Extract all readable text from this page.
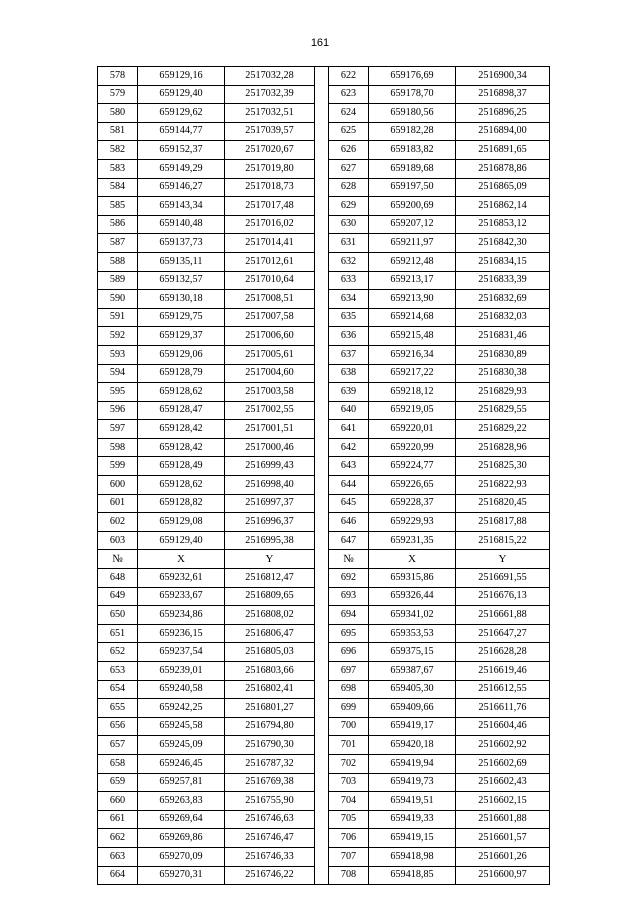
161
578	659129,16	2517032,28		622	659176,69	2516900,34
579	659129,40	2517032,39		623	659178,70	2516898,37
580	659129,62	2517032,51		624	659180,56	2516896,25
581	659144,77	2517039,57		625	659182,28	2516894,00
582	659152,37	2517020,67		626	659183,82	2516891,65
583	659149,29	2517019,80		627	659189,68	2516878,86
584	659146,27	2517018,73		628	659197,50	2516865,09
585	659143,34	2517017,48		629	659200,69	2516862,14
586	659140,48	2517016,02		630	659207,12	2516853,12
587	659137,73	2517014,41		631	659211,97	2516842,30
588	659135,11	2517012,61		632	659212,48	2516834,15
589	659132,57	2517010,64		633	659213,17	2516833,39
590	659130,18	2517008,51		634	659213,90	2516832,69
591	659129,75	2517007,58		635	659214,68	2516832,03
592	659129,37	2517006,60		636	659215,48	2516831,46
593	659129,06	2517005,61		637	659216,34	2516830,89
594	659128,79	2517004,60		638	659217,22	2516830,38
595	659128,62	2517003,58		639	659218,12	2516829,93
596	659128,47	2517002,55		640	659219,05	2516829,55
597	659128,42	2517001,51		641	659220,01	2516829,22
598	659128,42	2517000,46		642	659220,99	2516828,96
599	659128,49	2516999,43		643	659224,77	2516825,30
600	659128,62	2516998,40		644	659226,65	2516822,93
601	659128,82	2516997,37		645	659228,37	2516820,45
602	659129,08	2516996,37		646	659229,93	2516817,88
603	659129,40	2516995,38		647	659231,35	2516815,22
№	X	Y		№	X	Y
648	659232,61	2516812,47		692	659315,86	2516691,55
649	659233,67	2516809,65		693	659326,44	2516676,13
650	659234,86	2516808,02		694	659341,02	2516661,88
651	659236,15	2516806,47		695	659353,53	2516647,27
652	659237,54	2516805,03		696	659375,15	2516628,28
653	659239,01	2516803,66		697	659387,67	2516619,46
654	659240,58	2516802,41		698	659405,30	2516612,55
655	659242,25	2516801,27		699	659409,66	2516611,76
656	659245,58	2516794,80		700	659419,17	2516604,46
657	659245,09	2516790,30		701	659420,18	2516602,92
658	659246,45	2516787,32		702	659419,94	2516602,69
659	659257,81	2516769,38		703	659419,73	2516602,43
660	659263,83	2516755,90		704	659419,51	2516602,15
661	659269,64	2516746,63		705	659419,33	2516601,88
662	659269,86	2516746,47		706	659419,15	2516601,57
663	659270,09	2516746,33		707	659418,98	2516601,26
664	659270,31	2516746,22		708	659418,85	2516600,97
